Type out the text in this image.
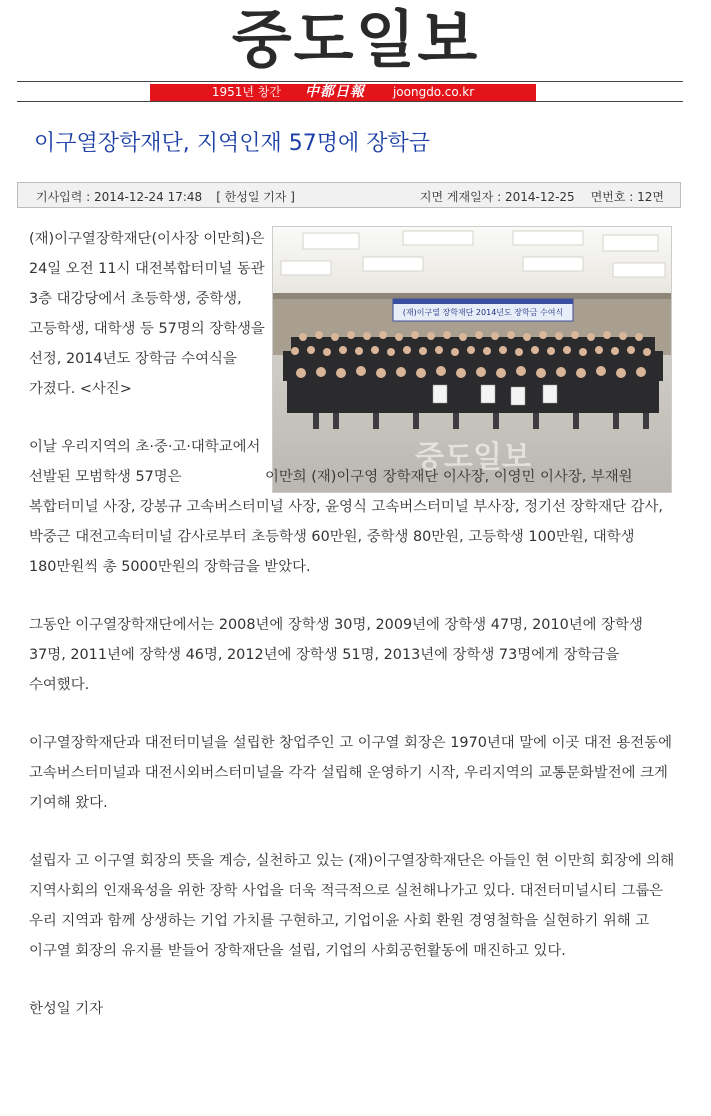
중도일보
1951년 창간 中都日報 joongdo.co.kr
이구열장학재단, 지역인재 57명에 장학금
기사입력 : 2014-12-24 17:48 [ 한성일 기자 ]	지면 게재일자 : 2014-12-25 면번호 : 12면
(재)이구열 장학재단 2014년도 장학금 수여식
중도일보

(재)이구열장학재단(이사장 이만희)은 24일 오전 11시 대전복합터미널 동관 3층 대강당에서 초등학생, 중학생, 고등학생, 대학생 등 57명의 장학생을 선정, 2014년도 장학금 수여식을 가졌다. <사진>

이날 우리지역의 초·중·고·대학교에서 선발된 모범학생 57명은	이만희 (재)이구영 장학재단 이사장, 이영민 이사장, 부재원 복합터미널 사장, 강봉규 고속버스터미널 사장, 윤영식 고속버스터미널 부사장, 정기선 장학재단 감사, 박중근 대전고속터미널 감사로부터 초등학생 60만원, 중학생 80만원, 고등학생 100만원, 대학생 180만원씩 총 5000만원의 장학금을 받았다.

그동안 이구열장학재단에서는 2008년에 장학생 30명, 2009년에 장학생 47명, 2010년에 장학생 37명, 2011년에 장학생 46명, 2012년에 장학생 51명, 2013년에 장학생 73명에게 장학금을 수여했다.

이구열장학재단과 대전터미널을 설립한 창업주인 고 이구열 회장은 1970년대 말에 이곳 대전 용전동에 고속버스터미널과 대전시외버스터미널을 각각 설립해 운영하기 시작, 우리지역의 교통문화발전에 크게 기여해 왔다.

설립자 고 이구열 회장의 뜻을 계승, 실천하고 있는 (재)이구열장학재단은 아들인 현 이만희 회장에 의해 지역사회의 인재육성을 위한 장학 사업을 더욱 적극적으로 실천해나가고 있다. 대전터미널시티 그룹은 우리 지역과 함께 상생하는 기업 가치를 구현하고, 기업이윤 사회 환원 경영철학을 실현하기 위해 고 이구열 회장의 유지를 받들어 장학재단을 설립, 기업의 사회공헌활동에 매진하고 있다.

한성일 기자
